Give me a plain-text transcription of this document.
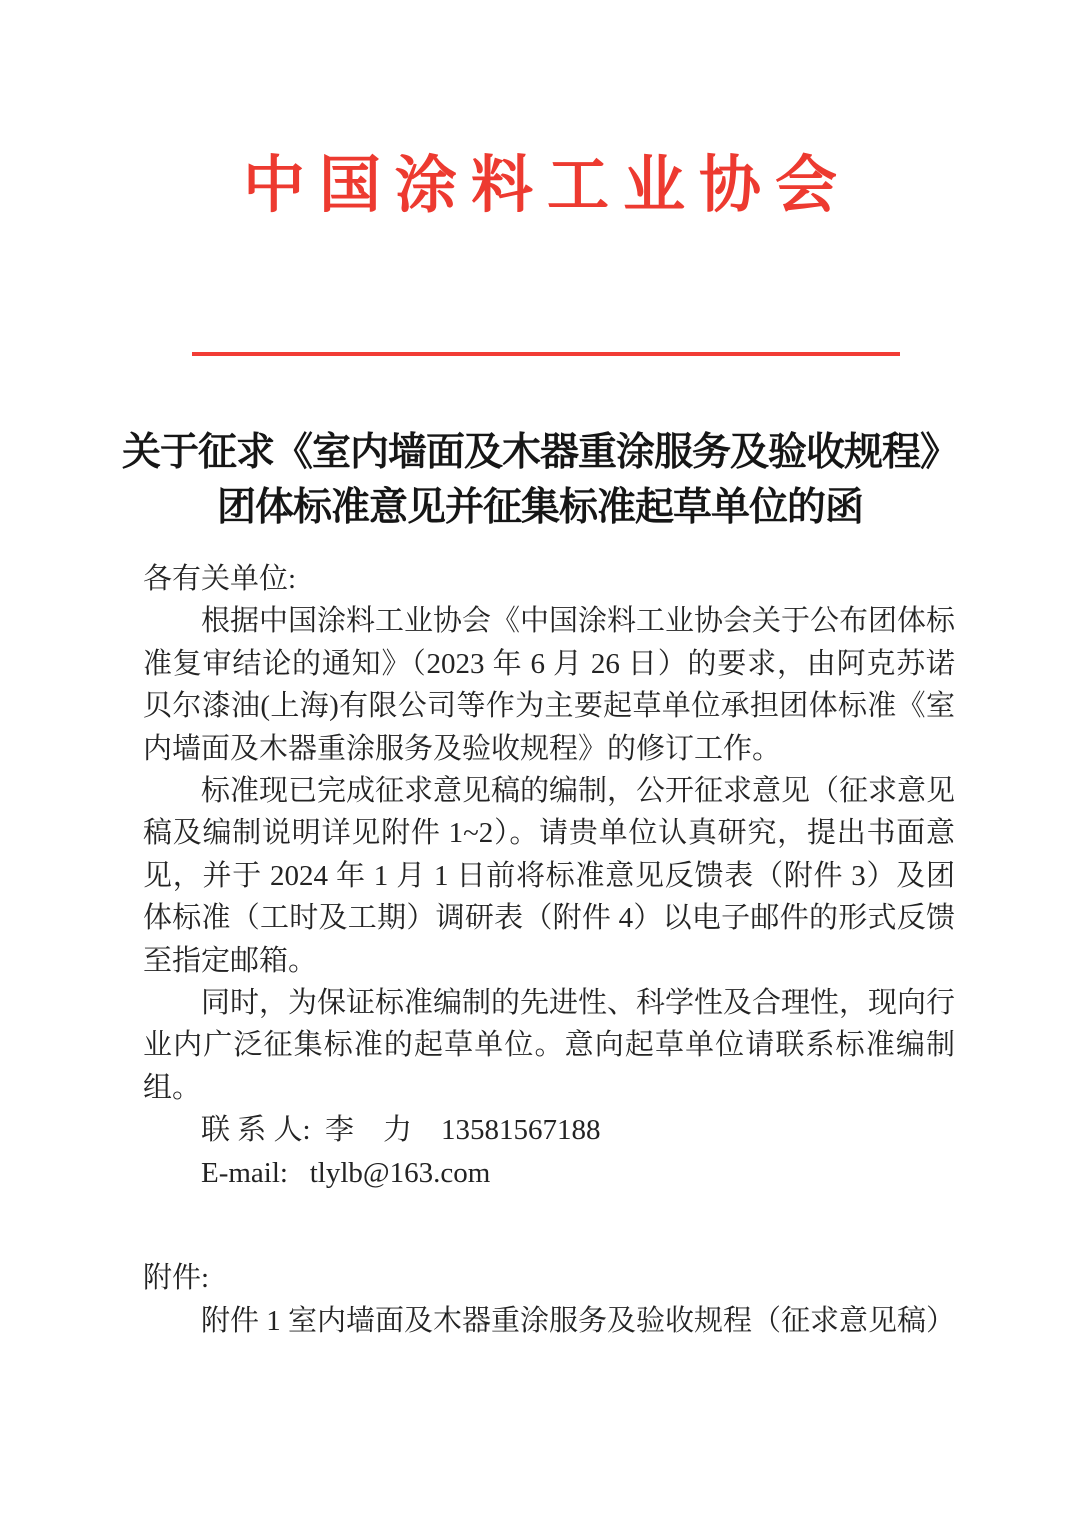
中国涂料工业协会
关于征求《室内墙面及木器重涂服务及验收规程》
团体标准意见并征集标准起草单位的函
各有关单位:
根据中国涂料工业协会《中国涂料工业协会关于公布团体标
准复审结论的通知》（2023 年 6 月 26 日）的要求，由阿克苏诺
贝尔漆油(上海)有限公司等作为主要起草单位承担团体标准《室
内墙面及木器重涂服务及验收规程》的修订工作。
标准现已完成征求意见稿的编制，公开征求意见（征求意见
稿及编制说明详见附件 1~2）。请贵单位认真研究，提出书面意
见，并于 2024 年 1 月 1 日前将标准意见反馈表（附件 3）及团
体标准（工时及工期）调研表（附件 4）以电子邮件的形式反馈
至指定邮箱。
同时，为保证标准编制的先进性、科学性及合理性，现向行
业内广泛征集标准的起草单位。意向起草单位请联系标准编制
组。
联 系 人:  李    力    13581567188
E-mail:   tlylb@163.com
附件:
附件 1 室内墙面及木器重涂服务及验收规程（征求意见稿）
